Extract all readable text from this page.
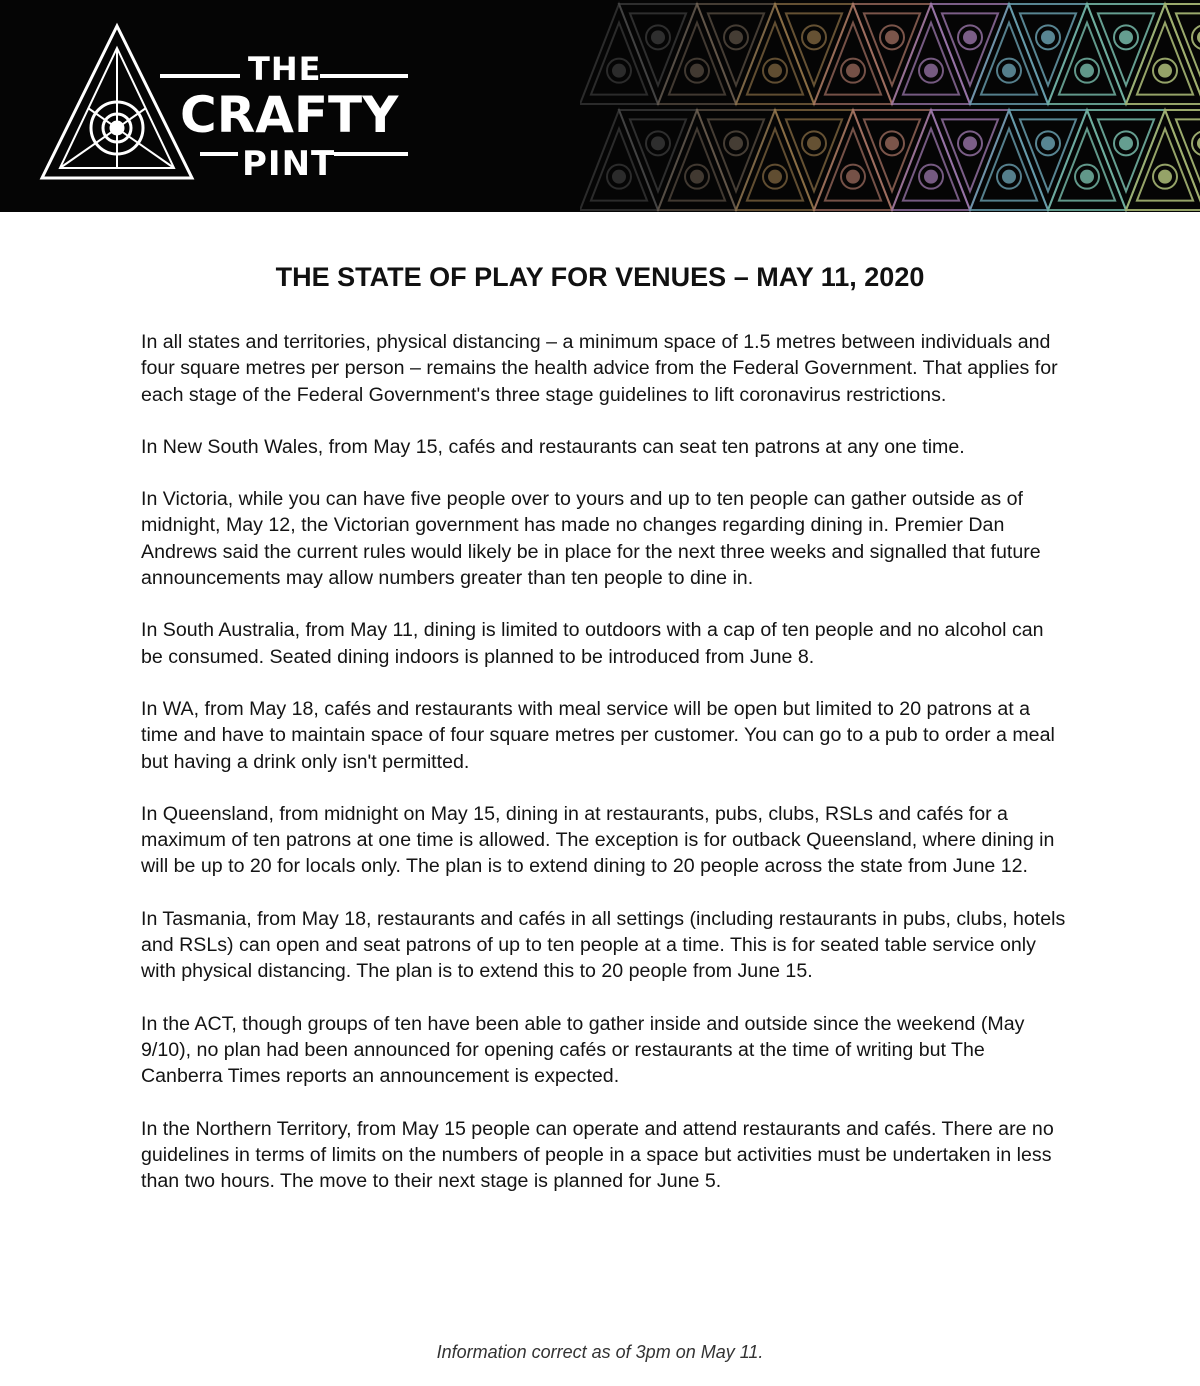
THE
CRAFTY
PINT
THE STATE OF PLAY FOR VENUES – MAY 11, 2020

In all states and territories, physical distancing – a minimum space of 1.5 metres between individuals and four square metres per person – remains the health advice from the Federal Government. That applies for each stage of the Federal Government's three stage guidelines to lift coronavirus restrictions.

In New South Wales, from May 15, cafés and restaurants can seat ten patrons at any one time.

In Victoria, while you can have five people over to yours and up to ten people can gather outside as of midnight, May 12, the Victorian government has made no changes regarding dining in. Premier Dan Andrews said the current rules would likely be in place for the next three weeks and signalled that future announcements may allow numbers greater than ten people to dine in.

In South Australia, from May 11, dining is limited to outdoors with a cap of ten people and no alcohol can be consumed. Seated dining indoors is planned to be introduced from June 8.

In WA, from May 18, cafés and restaurants with meal service will be open but limited to 20 patrons at a time and have to maintain space of four square metres per customer. You can go to a pub to order a meal but having a drink only isn't permitted.

In Queensland, from midnight on May 15, dining in at restaurants, pubs, clubs, RSLs and cafés for a maximum of ten patrons at one time is allowed. The exception is for outback Queensland, where dining in will be up to 20 for locals only. The plan is to extend dining to 20 people across the state from June 12.

In Tasmania, from May 18, restaurants and cafés in all settings (including restaurants in pubs, clubs, hotels and RSLs) can open and seat patrons of up to ten people at a time. This is for seated table service only with physical distancing. The plan is to extend this to 20 people from June 15.

In the ACT, though groups of ten have been able to gather inside and outside since the weekend (May 9/10), no plan had been announced for opening cafés or restaurants at the time of writing but The Canberra Times reports an announcement is expected.

In the Northern Territory, from May 15 people can operate and attend restaurants and cafés. There are no guidelines in terms of limits on the numbers of people in a space but activities must be undertaken in less than two hours. The move to their next stage is planned for June 5.

Information correct as of 3pm on May 11.
